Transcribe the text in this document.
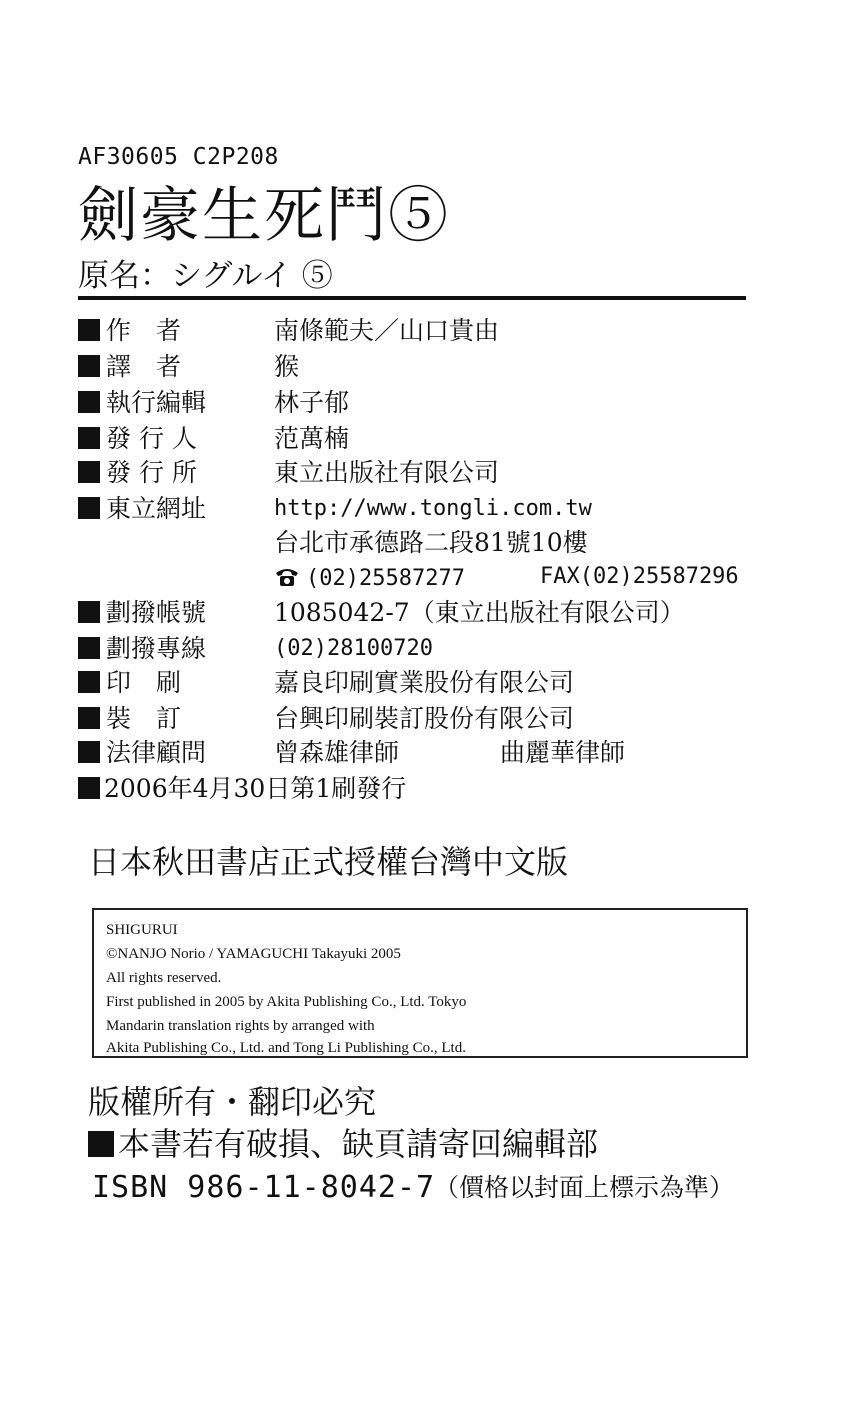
AF30605 C2P208
劍豪生死鬥⑤
原名：シグルイ ⑤
作　者	南條範夫／山口貴由
譯　者	猴
執行編輯	林子郁
發 行 人	范萬楠
發 行 所	東立出版社有限公司
東立網址	http://www.tongli.com.tw
台北市承德路二段81號10樓
(02)25587277	FAX(02)25587296
劃撥帳號	1085042-7（東立出版社有限公司）
劃撥專線	(02)28100720
印　刷	嘉良印刷實業股份有限公司
裝　訂	台興印刷裝訂股份有限公司
法律顧問	曾森雄律師	曲麗華律師
2006年4月30日第1刷發行
日本秋田書店正式授權台灣中文版
SHIGURUI
©NANJO Norio / YAMAGUCHI Takayuki 2005
All rights reserved.
First published in 2005 by Akita Publishing Co., Ltd. Tokyo
Mandarin translation rights by arranged with
Akita Publishing Co., Ltd. and Tong Li Publishing Co., Ltd.
版權所有・翻印必究
本書若有破損、缺頁請寄回編輯部
ISBN 986-11-8042-7
（價格以封面上標示為準）
